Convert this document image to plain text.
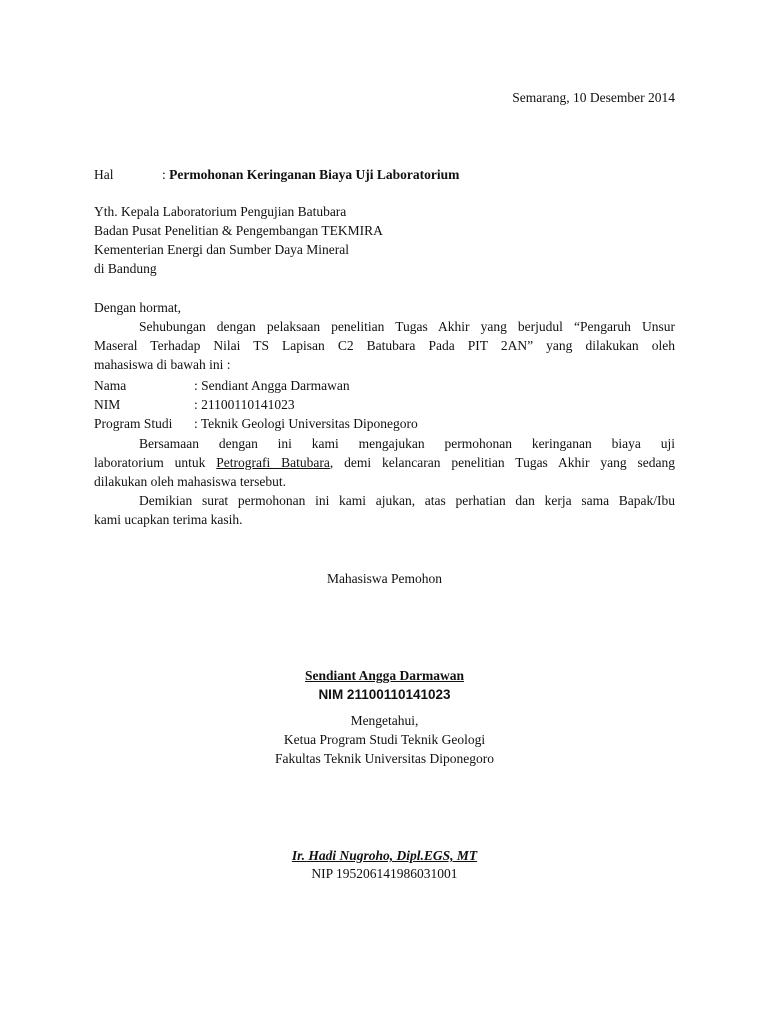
Semarang, 10 Desember 2014
Hal	: Permohonan Keringanan Biaya Uji Laboratorium
Yth. Kepala Laboratorium Pengujian Batubara
Badan Pusat Penelitian & Pengembangan TEKMIRA
Kementerian Energi dan Sumber Daya Mineral
di Bandung
Dengan hormat,
Sehubungan dengan pelaksaan penelitian Tugas Akhir yang berjudul “Pengaruh Unsur
Maseral Terhadap Nilai TS Lapisan C2 Batubara Pada PIT 2AN” yang dilakukan oleh
mahasiswa di bawah ini :
Nama	: Sendiant Angga Darmawan
NIM	: 21100110141023
Program Studi : Teknik Geologi Universitas Diponegoro
Bersamaan dengan ini kami mengajukan permohonan keringanan biaya uji
laboratorium untuk Petrografi Batubara, demi kelancaran penelitian Tugas Akhir yang sedang
dilakukan oleh mahasiswa tersebut.
Demikian surat permohonan ini kami ajukan, atas perhatian dan kerja sama Bapak/Ibu
kami ucapkan terima kasih.
Mahasiswa Pemohon
Sendiant Angga Darmawan
NIM 21100110141023
Mengetahui,
Ketua Program Studi Teknik Geologi
Fakultas Teknik Universitas Diponegoro
Ir. Hadi Nugroho, Dipl.EGS, MT
NIP 195206141986031001
